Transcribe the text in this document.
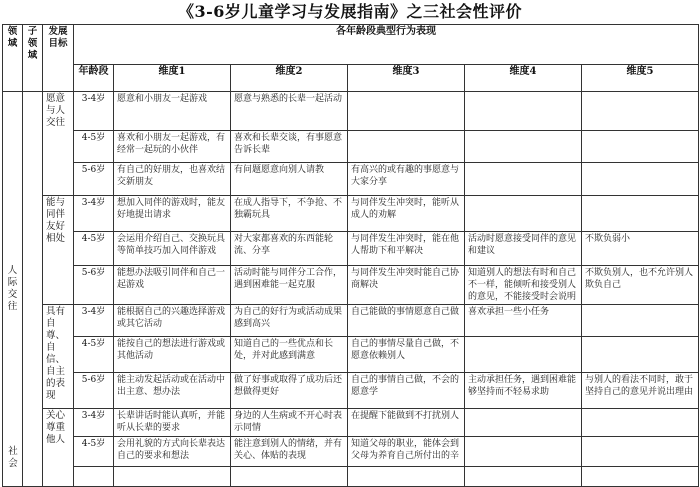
《3-6岁儿童学习与发展指南》之三社会性评价
领域	子领域	发展目标	各年龄段典型行为表现					
			年龄段	维度1	维度2	维度3	维度4	维度5
人际交往		愿意与人交往	3-4岁	愿意和小朋友一起游戏	愿意与熟悉的长辈一起活动			
			4-5岁	喜欢和小朋友一起游戏，有经常一起玩的小伙伴	喜欢和长辈交谈，有事愿意告诉长辈			
			5-6岁	有自己的好朋友，也喜欢结交新朋友	有问题愿意向别人请教	有高兴的或有趣的事愿意与大家分享		
		能与同伴友好相处	3-4岁	想加入同伴的游戏时，能友好地提出请求	在成人指导下，不争抢、不独霸玩具	与同伴发生冲突时，能听从成人的劝解		
			4-5岁	会运用介绍自己、交换玩具等简单技巧加入同伴游戏	对大家都喜欢的东西能轮流、分享	与同伴发生冲突时，能在他人帮助下和平解决	活动时愿意接受同伴的意见和建议	不欺负弱小
			5-6岁	能想办法吸引同伴和自己一起游戏	活动时能与同伴分工合作，遇到困难能一起克服	与同伴发生冲突时能自己协商解决	知道别人的想法有时和自己不一样，能倾听和接受别人的意见，不能接受时会说明	不欺负别人，也不允许别人欺负自己
		具有自尊、自信、自主的表现	3-4岁	能根据自己的兴趣选择游戏或其它活动	为自己的好行为或活动成果感到高兴	自己能做的事情愿意自己做	喜欢承担一些小任务	
			4-5岁	能按自己的想法进行游戏或其他活动	知道自己的一些优点和长处，并对此感到满意	自己的事情尽量自己做，不愿意依赖别人		
			5-6岁	能主动发起活动或在活动中出主意、想办法	做了好事或取得了成功后还想做得更好	自己的事情自己做，不会的愿意学	主动承担任务，遇到困难能够坚持而不轻易求助	与别人的看法不同时，敢于坚持自己的意见并说出理由
		关心尊重他人	3-4岁	长辈讲话时能认真听，并能听从长辈的要求	身边的人生病或不开心时表示同情	在提醒下能做到不打扰别人		
			4-5岁	会用礼貌的方式向长辈表达自己的要求和想法	能注意到别人的情绪，并有关心、体贴的表现	知道父母的职业，能体会到父母为养育自己所付出的辛		

社会
